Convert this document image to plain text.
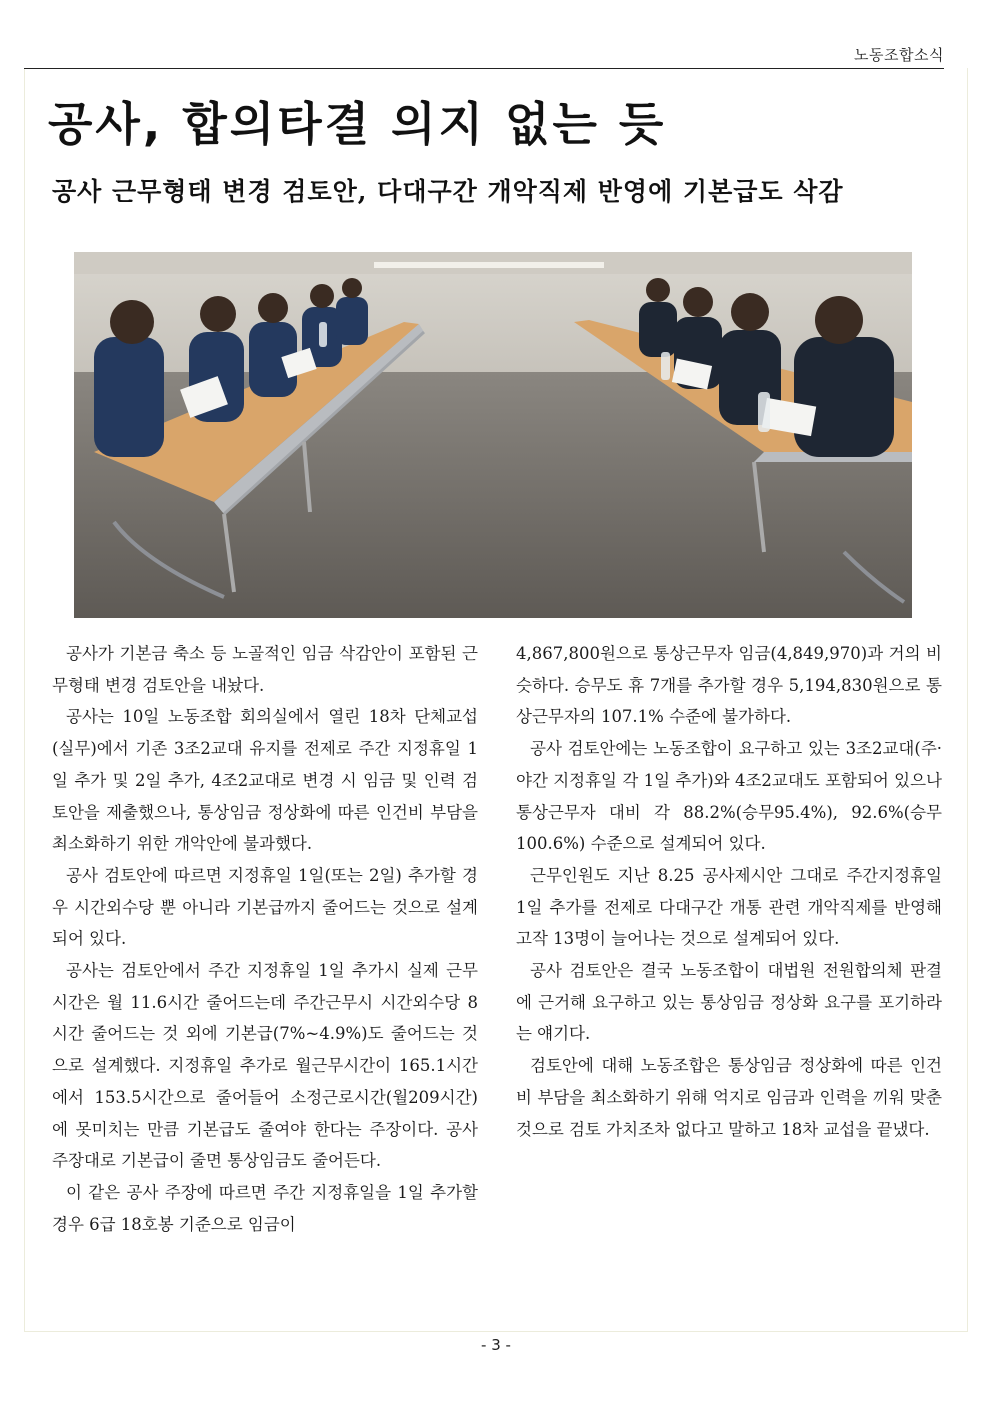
노동조합소식
공사, 합의타결 의지 없는 듯
공사 근무형태 변경 검토안, 다대구간 개악직제 반영에 기본급도 삭감

공사가 기본금 축소 등 노골적인 임금 삭감안이 포함된 근무형태 변경 검토안을 내놨다.

공사는 10일 노동조합 회의실에서 열린 18차 단체교섭(실무)에서 기존 3조2교대 유지를 전제로 주간 지정휴일 1일 추가 및 2일 추가, 4조2교대로 변경 시 임금 및 인력 검토안을 제출했으나, 통상임금 정상화에 따른 인건비 부담을 최소화하기 위한 개악안에 불과했다.

공사 검토안에 따르면 지정휴일 1일(또는 2일) 추가할 경우 시간외수당 뿐 아니라 기본급까지 줄어드는 것으로 설계되어 있다.

공사는 검토안에서 주간 지정휴일 1일 추가시 실제 근무시간은 월 11.6시간 줄어드는데 주간근무시 시간외수당 8시간 줄어드는 것 외에 기본급(7%~4.9%)도 줄어드는 것으로 설계했다. 지정휴일 추가로 월근무시간이 165.1시간에서 153.5시간으로 줄어들어 소정근로시간(월209시간)에 못미치는 만큼 기본급도 줄여야 한다는 주장이다. 공사 주장대로 기본급이 줄면 통상임금도 줄어든다.

이 같은 공사 주장에 따르면 주간 지정휴일을 1일 추가할 경우 6급 18호봉 기준으로 임금이

4,867,800원으로 통상근무자 임금(4,849,970)과 거의 비슷하다. 승무도 휴 7개를 추가할 경우 5,194,830원으로 통상근무자의 107.1% 수준에 불가하다.

공사 검토안에는 노동조합이 요구하고 있는 3조2교대(주·야간 지정휴일 각 1일 추가)와 4조2교대도 포함되어 있으나 통상근무자 대비 각 88.2%(승무95.4%), 92.6%(승무 100.6%) 수준으로 설계되어 있다.

근무인원도 지난 8.25 공사제시안 그대로 주간지정휴일 1일 추가를 전제로 다대구간 개통 관련 개악직제를 반영해 고작 13명이 늘어나는 것으로 설계되어 있다.

공사 검토안은 결국 노동조합이 대법원 전원합의체 판결에 근거해 요구하고 있는 통상임금 정상화 요구를 포기하라는 얘기다.

검토안에 대해 노동조합은 통상임금 정상화에 따른 인건비 부담을 최소화하기 위해 억지로 임금과 인력을 끼워 맞춘 것으로 검토 가치조차 없다고 말하고 18차 교섭을 끝냈다.

- 3 -
